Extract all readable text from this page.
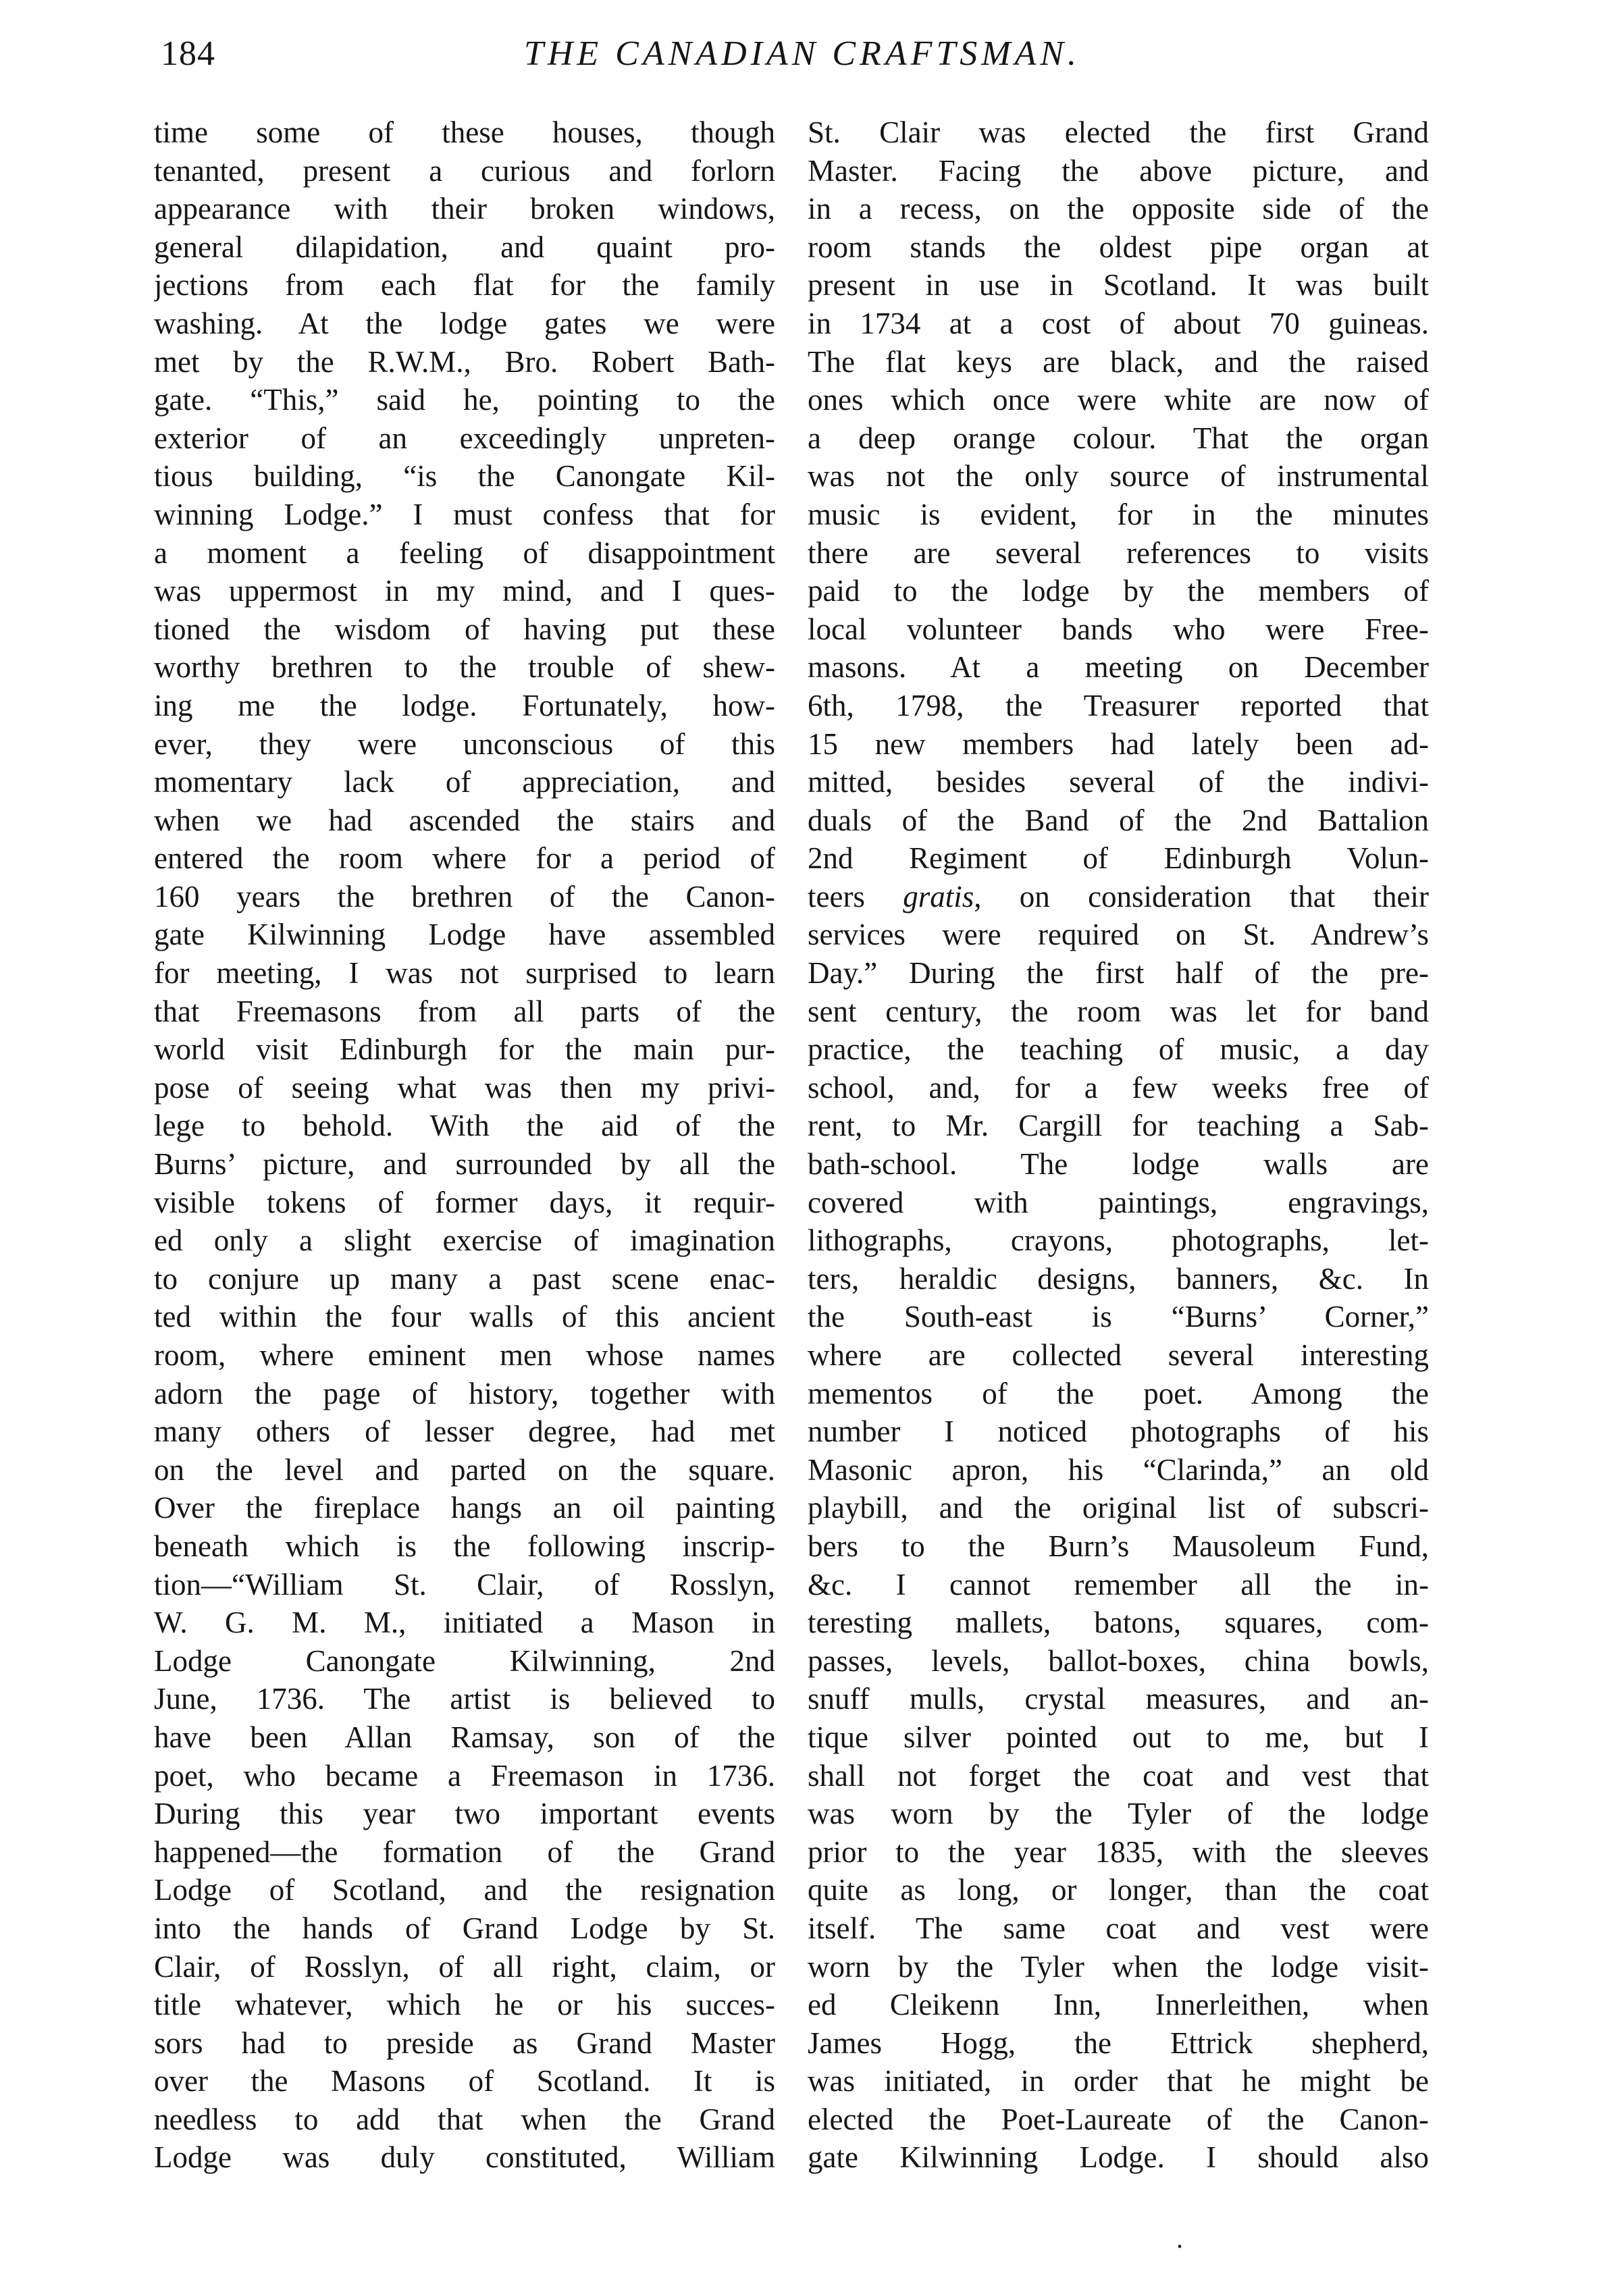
184	THE CANADIAN CRAFTSMAN.
time some of these houses, though
tenanted, present a curious and forlorn
appearance with their broken windows,
general dilapidation, and quaint pro-
jections from each flat for the family
washing. At the lodge gates we were
met by the R.W.M., Bro. Robert Bath-
gate. “This,” said he, pointing to the
exterior of an exceedingly unpreten-
tious building, “is the Canongate Kil-
winning Lodge.” I must confess that for
a moment a feeling of disappointment
was uppermost in my mind, and I ques-
tioned the wisdom of having put these
worthy brethren to the trouble of shew-
ing me the lodge. Fortunately, how-
ever, they were unconscious of this
momentary lack of appreciation, and
when we had ascended the stairs and
entered the room where for a period of
160 years the brethren of the Canon-
gate Kilwinning Lodge have assembled
for meeting, I was not surprised to learn
that Freemasons from all parts of the
world visit Edinburgh for the main pur-
pose of seeing what was then my privi-
lege to behold. With the aid of the
Burns’ picture, and surrounded by all the
visible tokens of former days, it requir-
ed only a slight exercise of imagination
to conjure up many a past scene enac-
ted within the four walls of this ancient
room, where eminent men whose names
adorn the page of history, together with
many others of lesser degree, had met
on the level and parted on the square.
Over the fireplace hangs an oil painting
beneath which is the following inscrip-
tion—“William St. Clair, of Rosslyn,
W. G. M. M., initiated a Mason in
Lodge Canongate Kilwinning, 2nd
June, 1736. The artist is believed to
have been Allan Ramsay, son of the
poet, who became a Freemason in 1736.
During this year two important events
happened—the formation of the Grand
Lodge of Scotland, and the resignation
into the hands of Grand Lodge by St.
Clair, of Rosslyn, of all right, claim, or
title whatever, which he or his succes-
sors had to preside as Grand Master
over the Masons of Scotland. It is
needless to add that when the Grand
Lodge was duly constituted, William
St. Clair was elected the first Grand
Master. Facing the above picture, and
in a recess, on the opposite side of the
room stands the oldest pipe organ at
present in use in Scotland. It was built
in 1734 at a cost of about 70 guineas.
The flat keys are black, and the raised
ones which once were white are now of
a deep orange colour. That the organ
was not the only source of instrumental
music is evident, for in the minutes
there are several references to visits
paid to the lodge by the members of
local volunteer bands who were Free-
masons. At a meeting on December
6th, 1798, the Treasurer reported that
15 new members had lately been ad-
mitted, besides several of the indivi-
duals of the Band of the 2nd Battalion
2nd Regiment of Edinburgh Volun-
teers gratis, on consideration that their
services were required on St. Andrew’s
Day.” During the first half of the pre-
sent century, the room was let for band
practice, the teaching of music, a day
school, and, for a few weeks free of
rent, to Mr. Cargill for teaching a Sab-
bath-school. The lodge walls are
covered with paintings, engravings,
lithographs, crayons, photographs, let-
ters, heraldic designs, banners, &c. In
the South-east is “Burns’ Corner,”
where are collected several interesting
mementos of the poet. Among the
number I noticed photographs of his
Masonic apron, his “Clarinda,” an old
playbill, and the original list of subscri-
bers to the Burn’s Mausoleum Fund,
&c. I cannot remember all the in-
teresting mallets, batons, squares, com-
passes, levels, ballot-boxes, china bowls,
snuff mulls, crystal measures, and an-
tique silver pointed out to me, but I
shall not forget the coat and vest that
was worn by the Tyler of the lodge
prior to the year 1835, with the sleeves
quite as long, or longer, than the coat
itself. The same coat and vest were
worn by the Tyler when the lodge visit-
ed Cleikenn Inn, Innerleithen, when
James Hogg, the Ettrick shepherd,
was initiated, in order that he might be
elected the Poet-Laureate of the Canon-
gate Kilwinning Lodge. I should also
.
